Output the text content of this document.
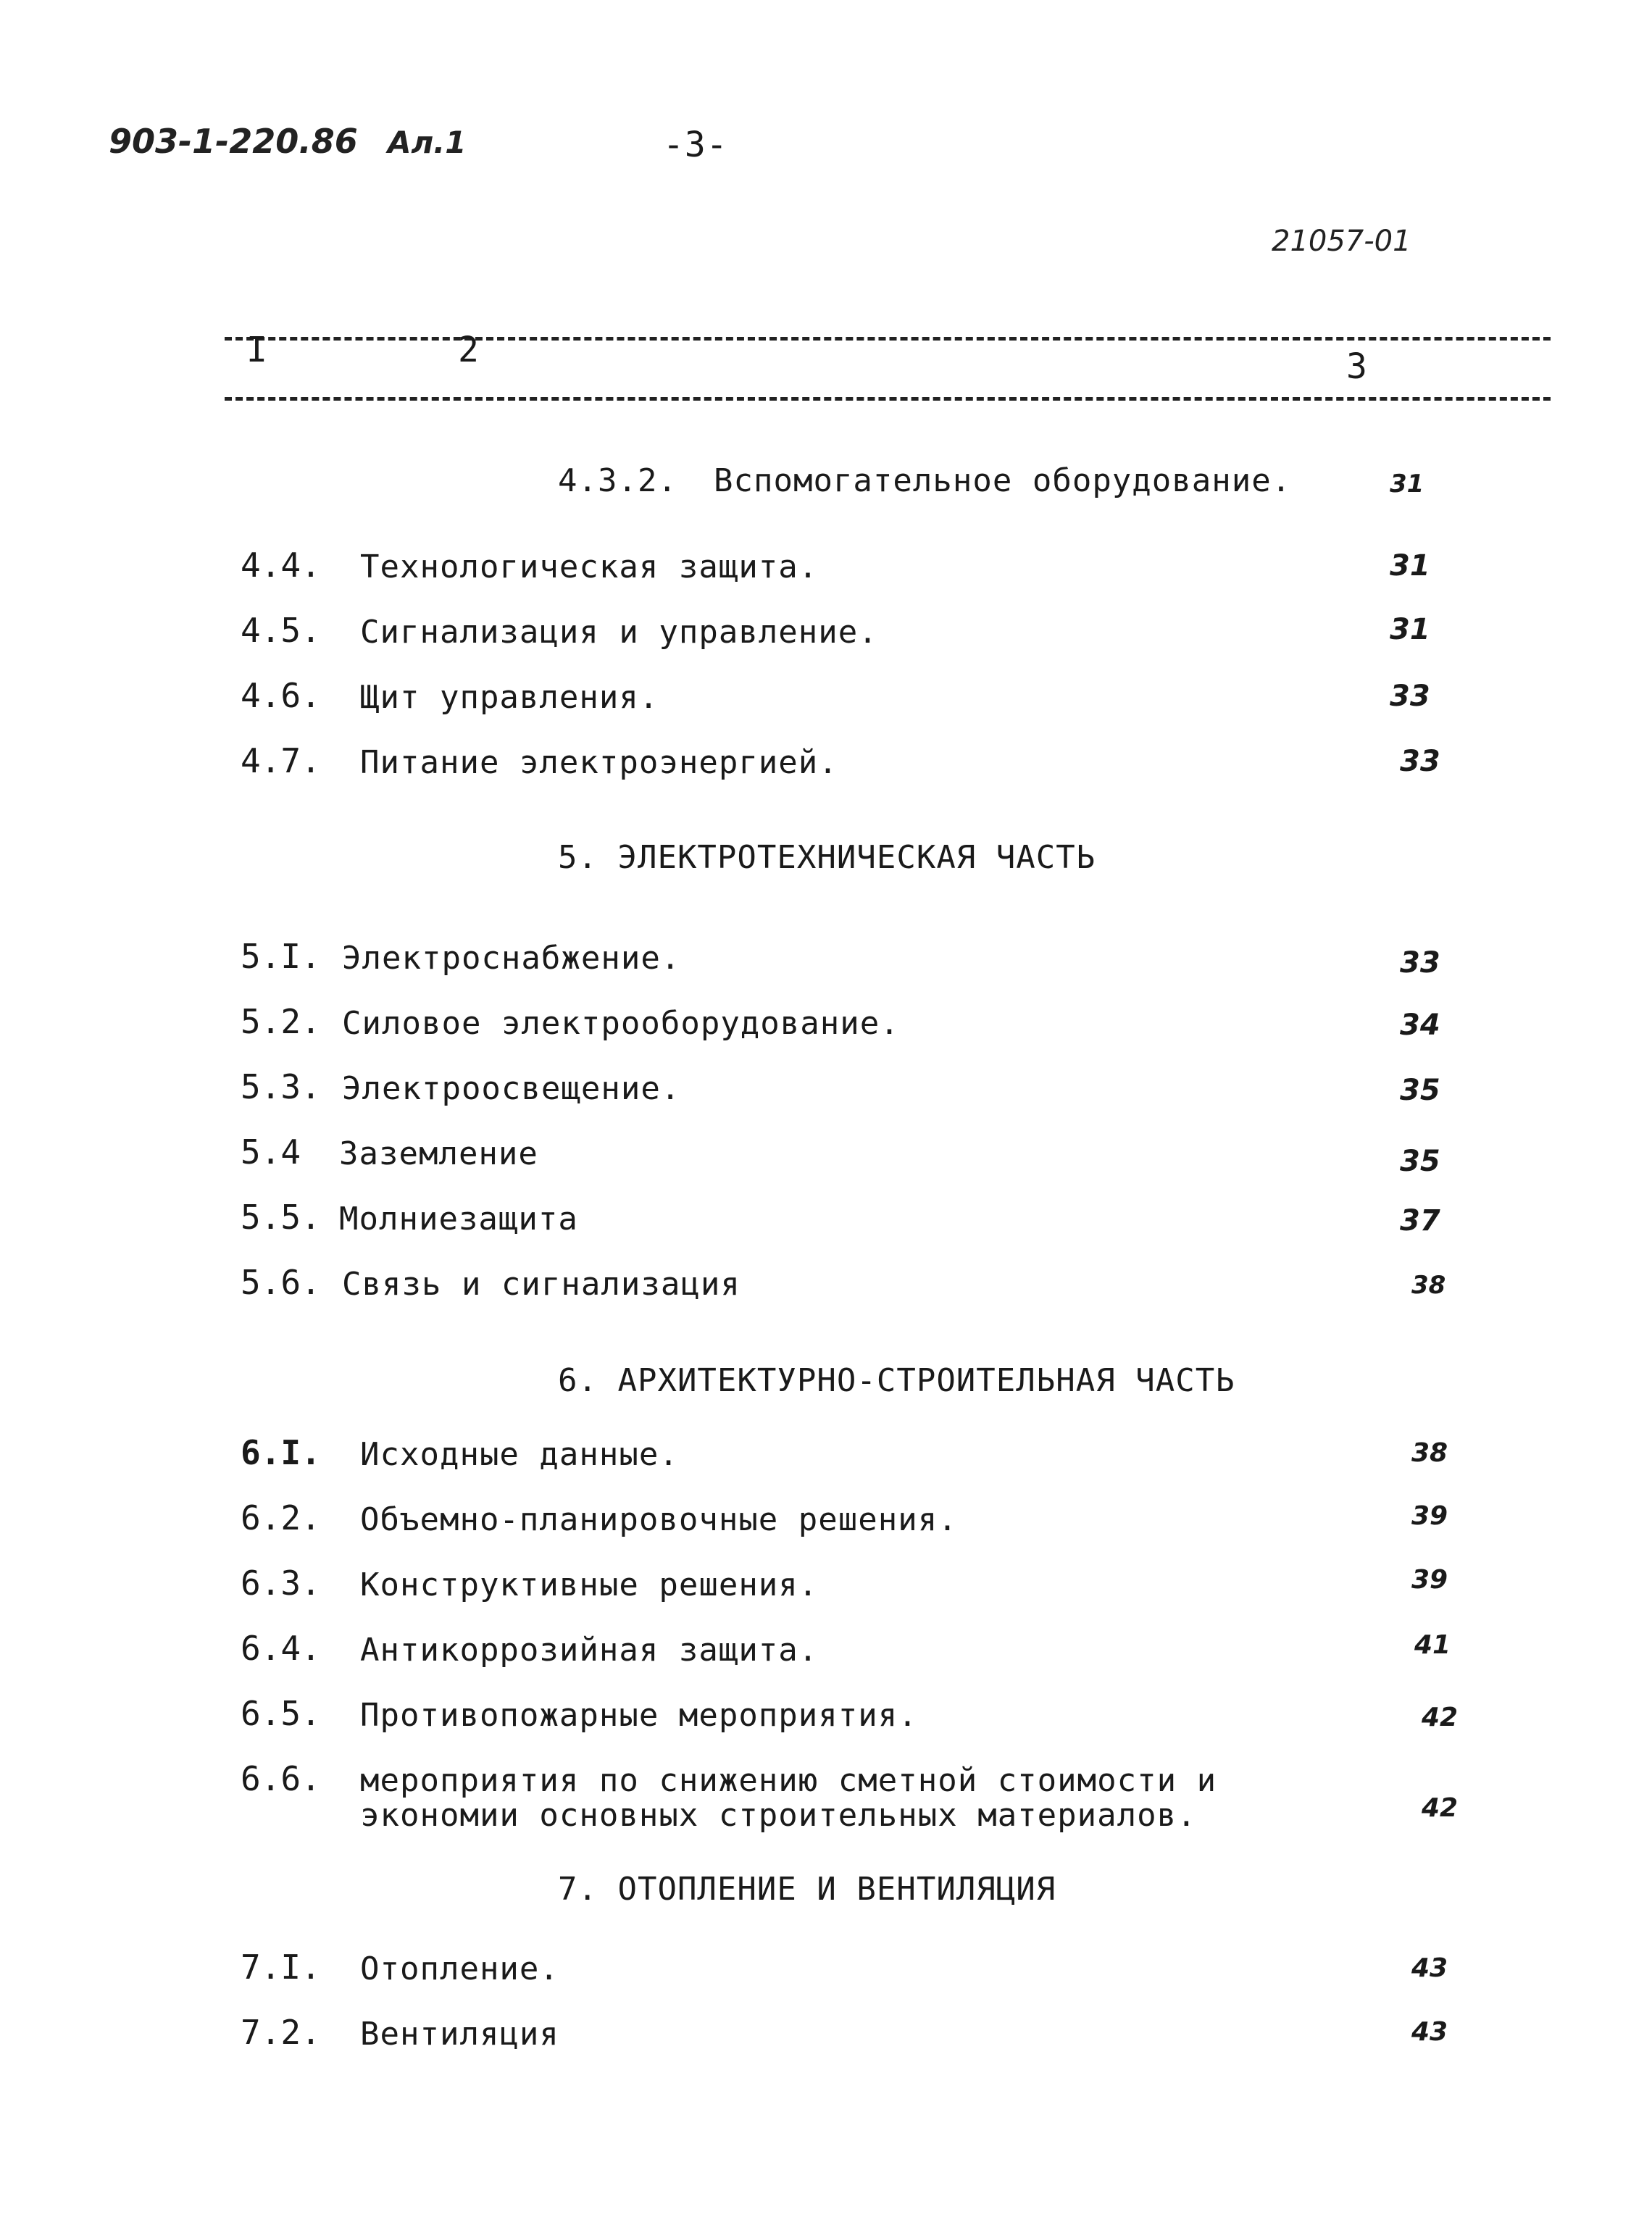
903-1-220.86 Ал.1	-3-
21057-01
I	2	3
4.3.2. Вспомогательное оборудование.	31
4.4. Технологическая защита.	31
4.5. Сигнализация и управление.	31
4.6. Щит управления.	33
4.7. Питание электроэнергией.	33
5. ЭЛЕКТРОТЕХНИЧЕСКАЯ ЧАСТЬ
5.I. Электроснабжение.	33
5.2. Силовое электрооборудование.	34
5.3. Электроосвещение.	35
5.4 Заземление	35
5.5. Молниезащита	37
5.6. Связь и сигнализация	38
6. АРХИТЕКТУРНО-СТРОИТЕЛЬНАЯ ЧАСТЬ
6.I. Исходные данные.	38
6.2. Объемно-планировочные решения.	39
6.3. Конструктивные решения.	39
6.4. Антикоррозийная защита.	41
6.5. Противопожарные мероприятия.	42
6.6. мероприятия по снижению сметной стоимости и
экономии основных строительных материалов.	42
7. ОТОПЛЕНИЕ И ВЕНТИЛЯЦИЯ
7.I. Отопление.	43
7.2. Вентиляция	43
